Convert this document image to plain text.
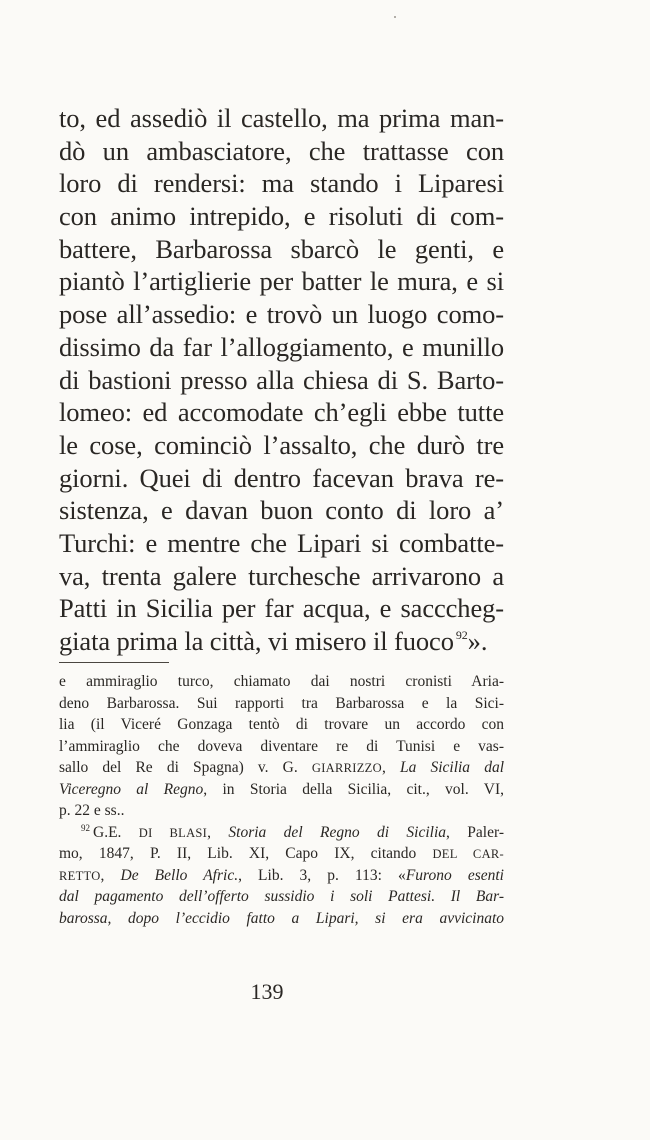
to, ed assediò il castello, ma prima man-
dò un ambasciatore, che trattasse con
loro di rendersi: ma stando i Liparesi
con animo intrepido, e risoluti di com-
battere, Barbarossa sbarcò le genti, e
piantò l’artiglierie per batter le mura, e si
pose all’assedio: e trovò un luogo como-
dissimo da far l’alloggiamento, e munillo
di bastioni presso alla chiesa di S. Barto-
lomeo: ed accomodate ch’egli ebbe tutte
le cose, cominciò l’assalto, che durò tre
giorni. Quei di dentro facevan brava re-
sistenza, e davan buon conto di loro a’
Turchi: e mentre che Lipari si combatte-
va, trenta galere turchesche arrivarono a
Patti in Sicilia per far acqua, e sacccheg-
giata prima la città, vi misero il fuoco $^{92}$».
e ammiraglio turco, chiamato dai nostri cronisti Aria-
deno Barbarossa. Sui rapporti tra Barbarossa e la Sici-
lia (il Viceré Gonzaga tentò di trovare un accordo con
l’ammiraglio che doveva diventare re di Tunisi e vas-
sallo del Re di Spagna) v. G. GIARRIZZO, La Sicilia dal
Viceregno al Regno, in Storia della Sicilia, cit., vol. VI,
p. 22 e ss..
$^{92}$ G.E. DI BLASI, Storia del Regno di Sicilia, Paler-
mo, 1847, P. II, Lib. XI, Capo IX, citando DEL CAR-
RETTO, De Bello Afric., Lib. 3, p. 113: «Furono esenti
dal pagamento dell’offerto sussidio i soli Pattesi. Il Bar-
barossa, dopo l’eccidio fatto a Lipari, si era avvicinato
139
